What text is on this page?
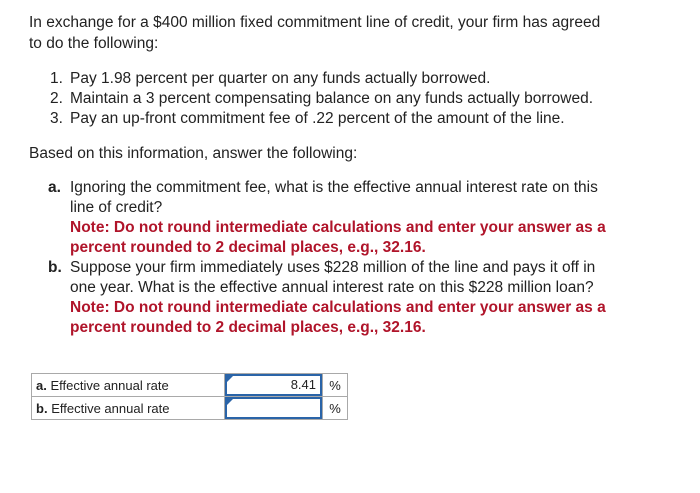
In exchange for a $400 million fixed commitment line of credit, your firm has agreed
to do the following:

1. Pay 1.98 percent per quarter on any funds actually borrowed.
2. Maintain a 3 percent compensating balance on any funds actually borrowed.
3. Pay an up-front commitment fee of .22 percent of the amount of the line.

Based on this information, answer the following:

a. Ignoring the commitment fee, what is the effective annual interest rate on this
line of credit?
Note: Do not round intermediate calculations and enter your answer as a
percent rounded to 2 decimal places, e.g., 32.16.
b. Suppose your firm immediately uses $228 million of the line and pays it off in
one year. What is the effective annual interest rate on this $228 million loan?
Note: Do not round intermediate calculations and enter your answer as a
percent rounded to 2 decimal places, e.g., 32.16.
a. Effective annual rate	8.41	%
b. Effective annual rate		%
